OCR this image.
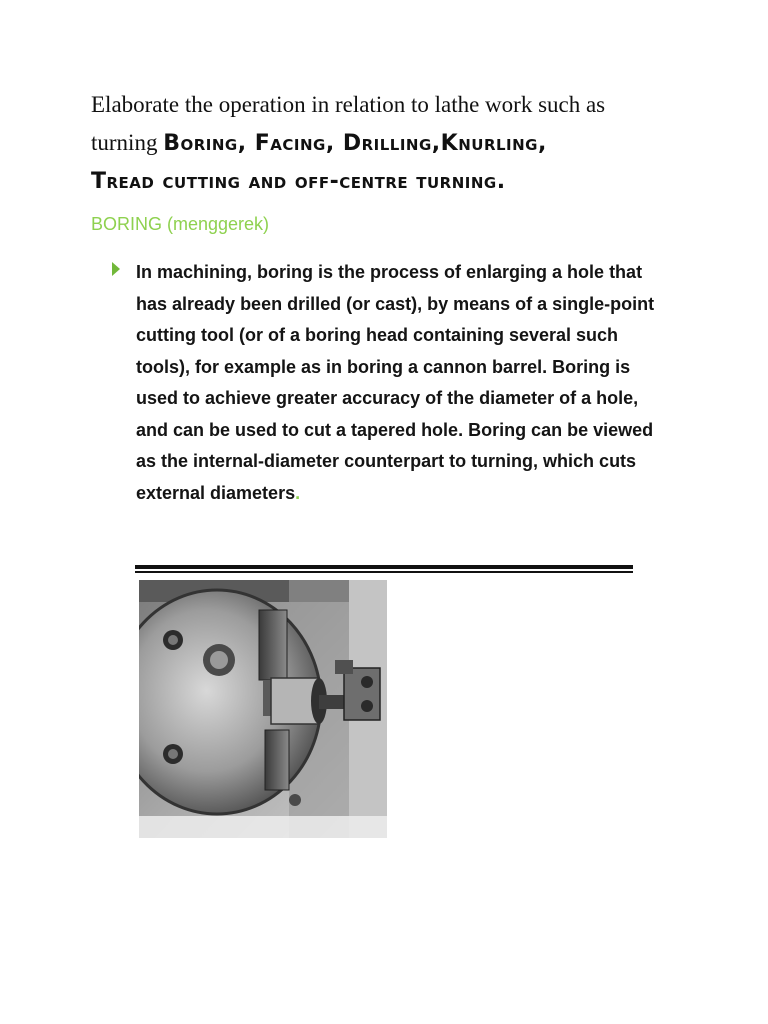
Elaborate the operation in relation to lathe work such as
turning Boring, Facing, Drilling,Knurling,
Tread cutting and off-centre turning.
BORING (menggerek)
In machining, boring is the process of enlarging a hole that has already been drilled (or cast), by means of a single-point cutting tool (or of a boring head containing several such tools), for example as in boring a cannon barrel. Boring is used to achieve greater accuracy of the diameter of a hole, and can be used to cut a tapered hole. Boring can be viewed as the internal-diameter counterpart to turning, which cuts external diameters.
